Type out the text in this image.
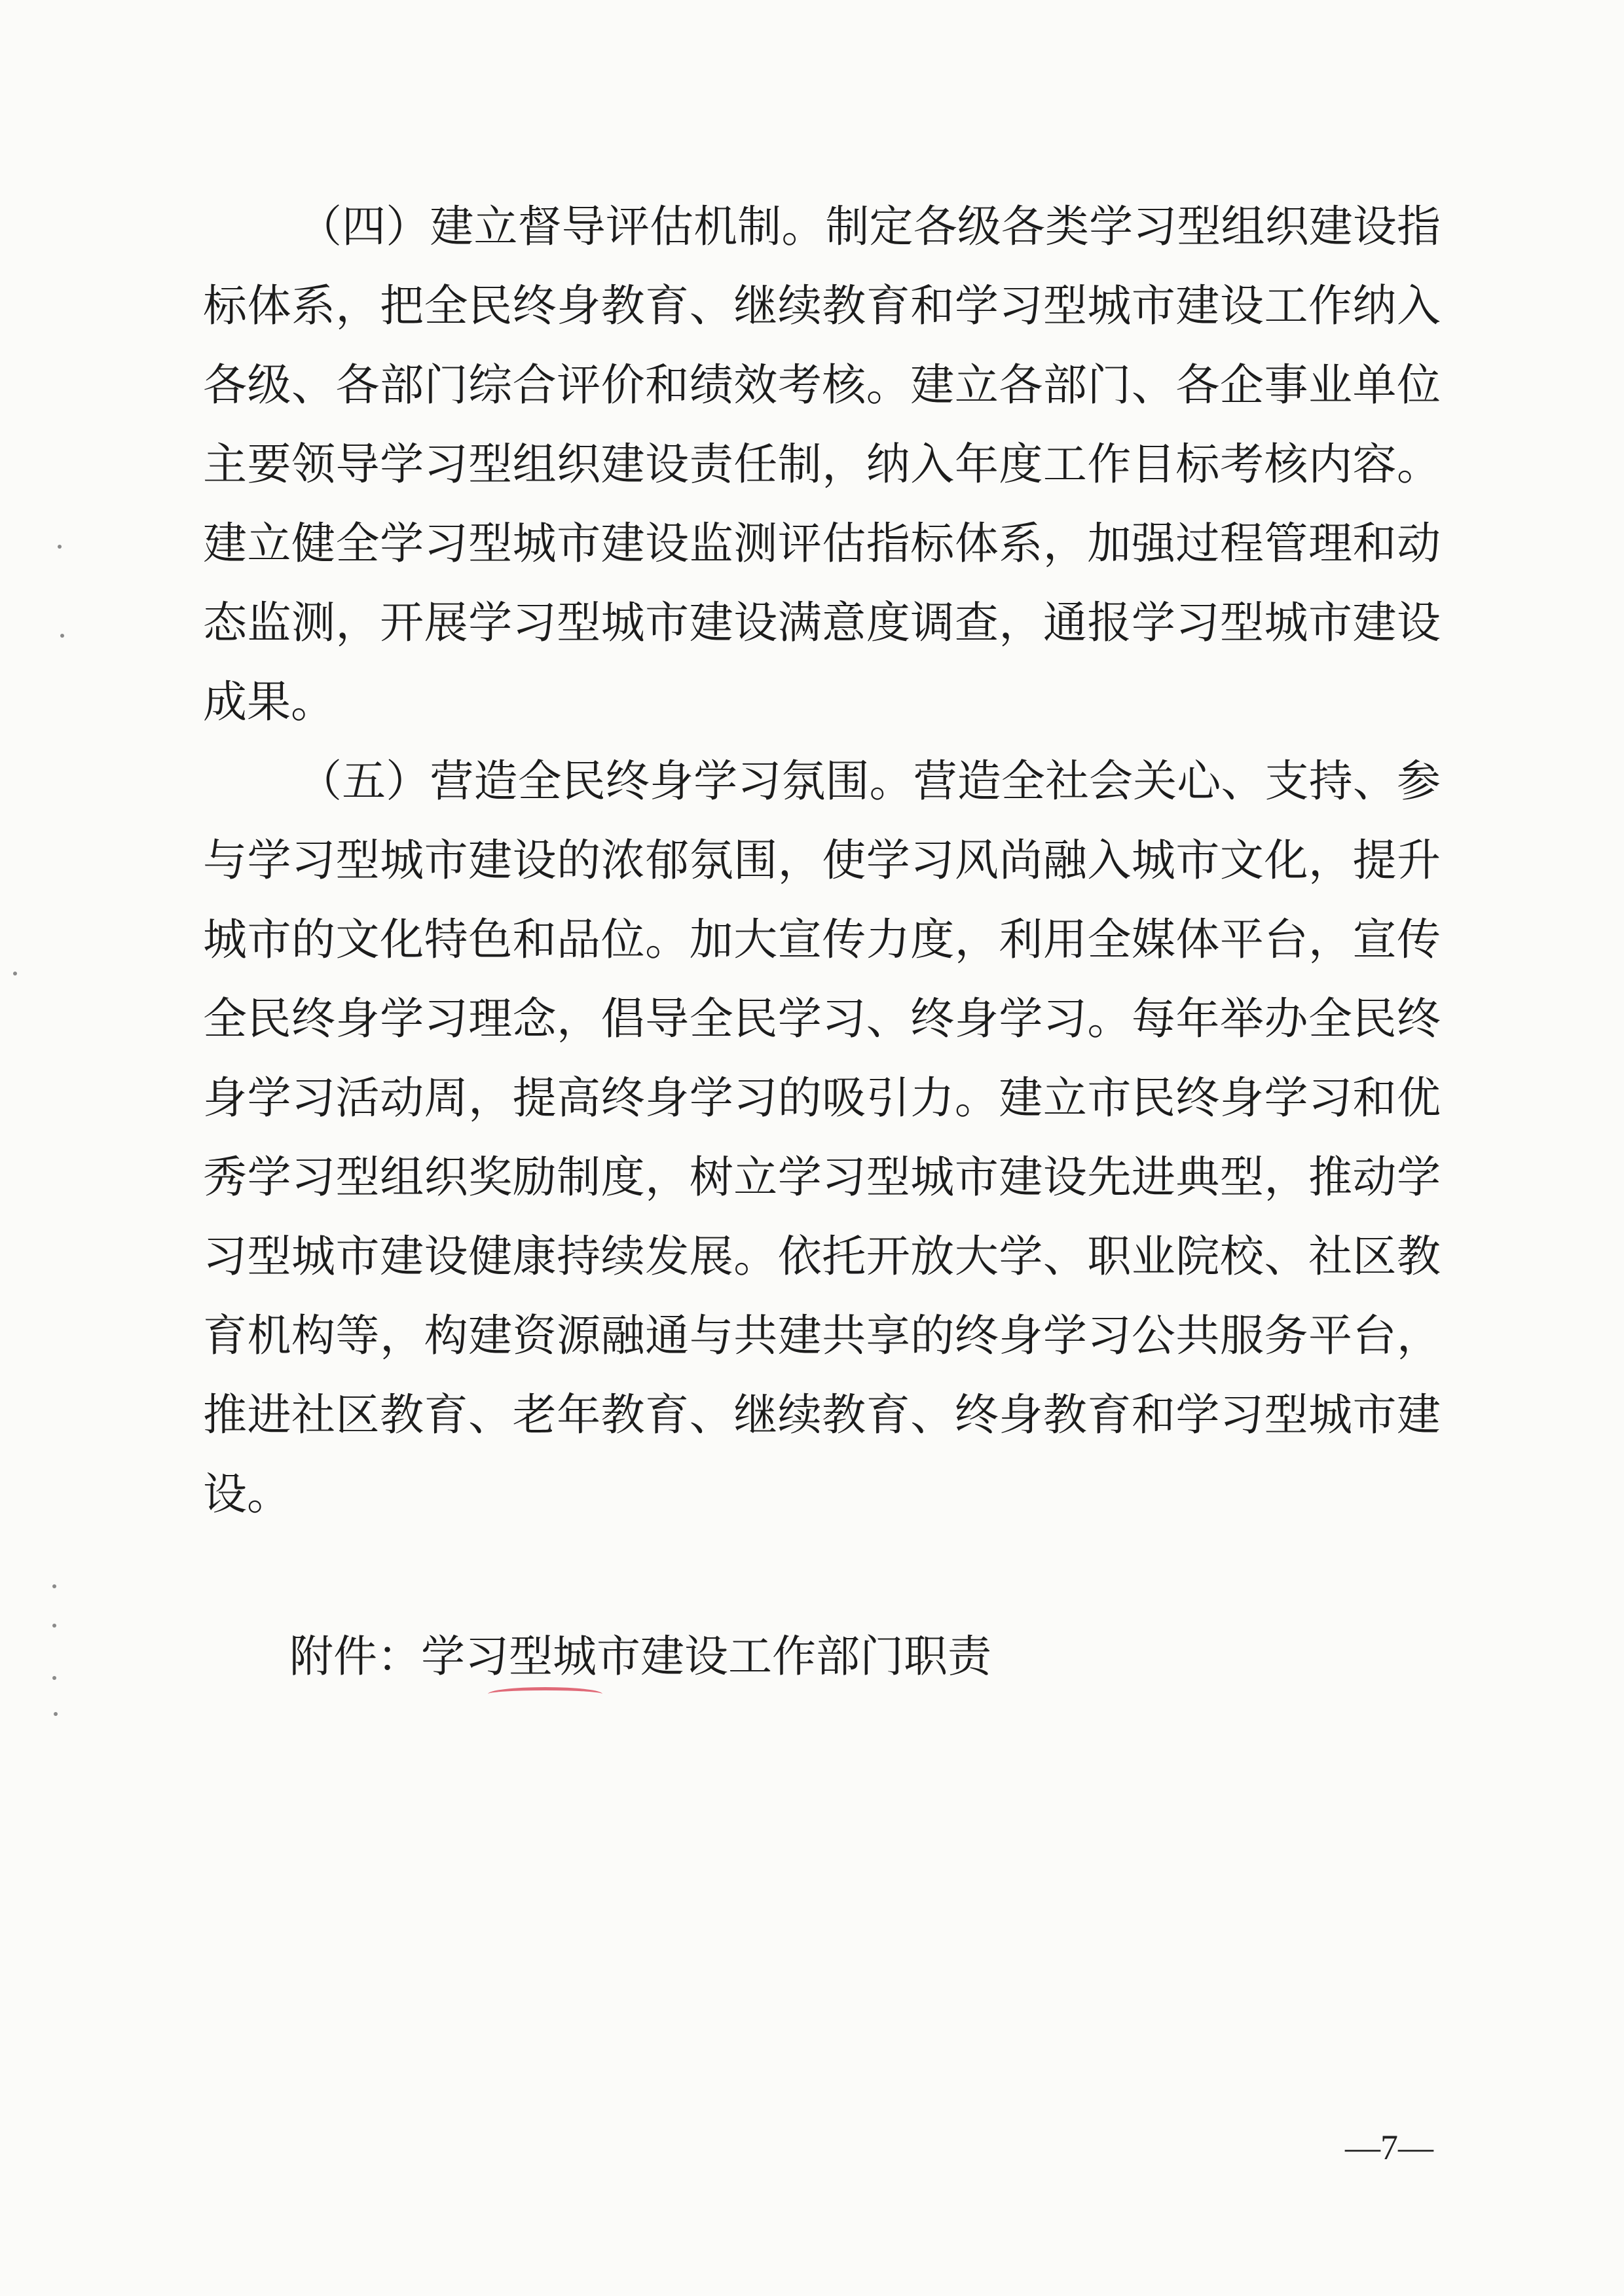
（四）建立督导评估机制。制定各级各类学习型组织建设指
标体系，把全民终身教育、继续教育和学习型城市建设工作纳入
各级、各部门综合评价和绩效考核。建立各部门、各企事业单位
主要领导学习型组织建设责任制，纳入年度工作目标考核内容。
建立健全学习型城市建设监测评估指标体系，加强过程管理和动
态监测，开展学习型城市建设满意度调查，通报学习型城市建设
成果。
（五）营造全民终身学习氛围。营造全社会关心、支持、参
与学习型城市建设的浓郁氛围，使学习风尚融入城市文化，提升
城市的文化特色和品位。加大宣传力度，利用全媒体平台，宣传
全民终身学习理念，倡导全民学习、终身学习。每年举办全民终
身学习活动周，提高终身学习的吸引力。建立市民终身学习和优
秀学习型组织奖励制度，树立学习型城市建设先进典型，推动学
习型城市建设健康持续发展。依托开放大学、职业院校、社区教
育机构等，构建资源融通与共建共享的终身学习公共服务平台，
推进社区教育、老年教育、继续教育、终身教育和学习型城市建
设。
附件：学习型城市建设工作部门职责
—7—
